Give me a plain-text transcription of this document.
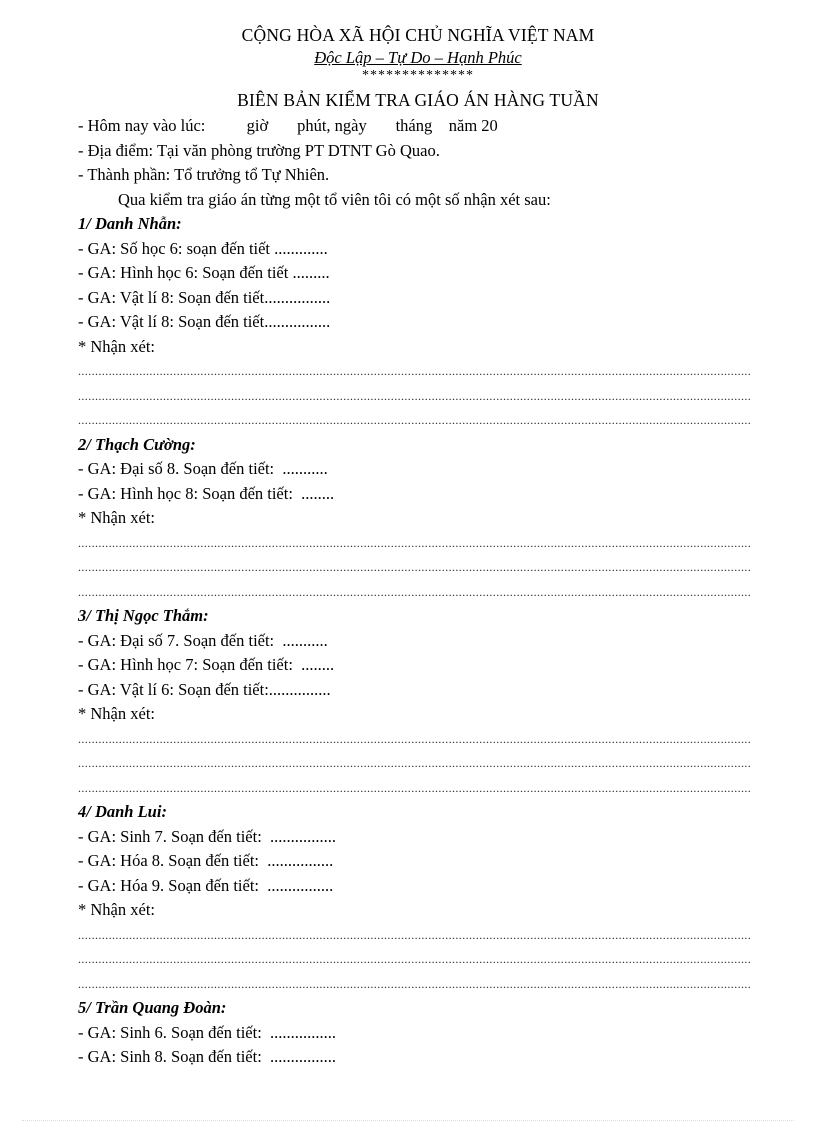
CỘNG HÒA XÃ HỘI CHỦ NGHĨA VIỆT NAM
Độc Lập – Tự Do – Hạnh Phúc
**************
BIÊN BẢN KIỂM TRA GIÁO ÁN HÀNG TUẦN
- Hôm nay vào lúc:          giờ       phút, ngày       tháng    năm 20
- Địa điểm: Tại văn phòng trường PT DTNT Gò Quao.
- Thành phần: Tổ trưởng tổ Tự Nhiên.
Qua kiểm tra giáo án từng một tổ viên tôi có một số nhận xét sau:
1/ Danh Nhẫn:
- GA: Số học 6: soạn đến tiết .............
- GA: Hình học 6: Soạn đến tiết .........
- GA: Vật lí 8: Soạn đến tiết................
- GA: Vật lí 8: Soạn đến tiết................
* Nhận xét:
......................................................................................................................................................................................................
......................................................................................................................................................................................................
......................................................................................................................................................................................................
2/ Thạch Cường:
- GA: Đại số 8. Soạn đến tiết:  ...........
- GA: Hình học 8: Soạn đến tiết:  ........
* Nhận xét:
......................................................................................................................................................................................................
......................................................................................................................................................................................................
......................................................................................................................................................................................................
3/ Thị Ngọc Thắm:
- GA: Đại số 7. Soạn đến tiết:  ...........
- GA: Hình học 7: Soạn đến tiết:  ........
- GA: Vật lí 6: Soạn đến tiết:...............
* Nhận xét:
......................................................................................................................................................................................................
......................................................................................................................................................................................................
......................................................................................................................................................................................................
4/ Danh Lui:
- GA: Sinh 7. Soạn đến tiết:  ................
- GA: Hóa 8. Soạn đến tiết:  ................
- GA: Hóa 9. Soạn đến tiết:  ................
* Nhận xét:
......................................................................................................................................................................................................
......................................................................................................................................................................................................
......................................................................................................................................................................................................
5/ Trần Quang Đoàn:
- GA: Sinh 6. Soạn đến tiết:  ................
- GA: Sinh 8. Soạn đến tiết:  ................
